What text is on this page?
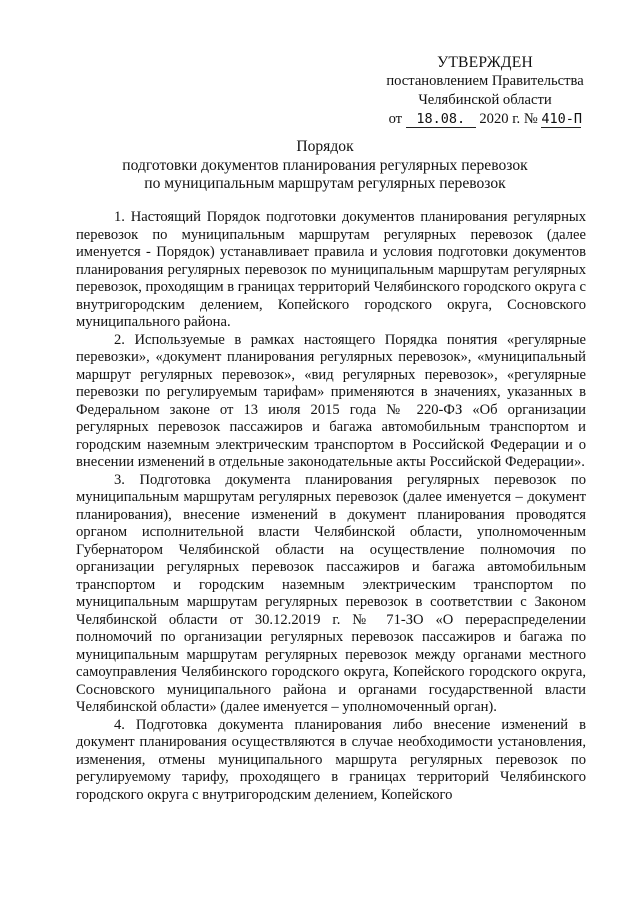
УТВЕРЖДЕН
постановлением Правительства
Челябинской области
от 18.08. 2020 г. № 410-П
Порядок
подготовки документов планирования регулярных перевозок
по муниципальным маршрутам регулярных перевозок

1. Настоящий Порядок подготовки документов планирования регулярных перевозок по муниципальным маршрутам регулярных перевозок (далее именуется - Порядок) устанавливает правила и условия подготовки документов планирования регулярных перевозок по муниципальным маршрутам регулярных перевозок, проходящим в границах территорий Челябинского городского округа с внутригородским делением, Копейского городского округа, Сосновского муниципального района.

2. Используемые в рамках настоящего Порядка понятия «регулярные перевозки», «документ планирования регулярных перевозок», «муниципальный маршрут регулярных перевозок», «вид регулярных перевозок», «регулярные перевозки по регулируемым тарифам» применяются в значениях, указанных в Федеральном законе от 13 июля 2015 года № 220-ФЗ «Об организации регулярных перевозок пассажиров и багажа автомобильным транспортом и городским наземным электрическим транспортом в Российской Федерации и о внесении изменений в отдельные законодательные акты Российской Федерации».

3. Подготовка документа планирования регулярных перевозок по муниципальным маршрутам регулярных перевозок (далее именуется – документ планирования), внесение изменений в документ планирования проводятся органом исполнительной власти Челябинской области, уполномоченным Губернатором Челябинской области на осуществление полномочия по организации регулярных перевозок пассажиров и багажа автомобильным транспортом и городским наземным электрическим транспортом по муниципальным маршрутам регулярных перевозок в соответствии с Законом Челябинской области от 30.12.2019 г. № 71-ЗО «О перераспределении полномочий по организации регулярных перевозок пассажиров и багажа по муниципальным маршрутам регулярных перевозок между органами местного самоуправления Челябинского городского округа, Копейского городского округа, Сосновского муниципального района и органами государственной власти Челябинской области» (далее именуется – уполномоченный орган).

4. Подготовка документа планирования либо внесение изменений в документ планирования осуществляются в случае необходимости установления, изменения, отмены муниципального маршрута регулярных перевозок по регулируемому тарифу, проходящего в границах территорий Челябинского городского округа с внутригородским делением, Копейского
